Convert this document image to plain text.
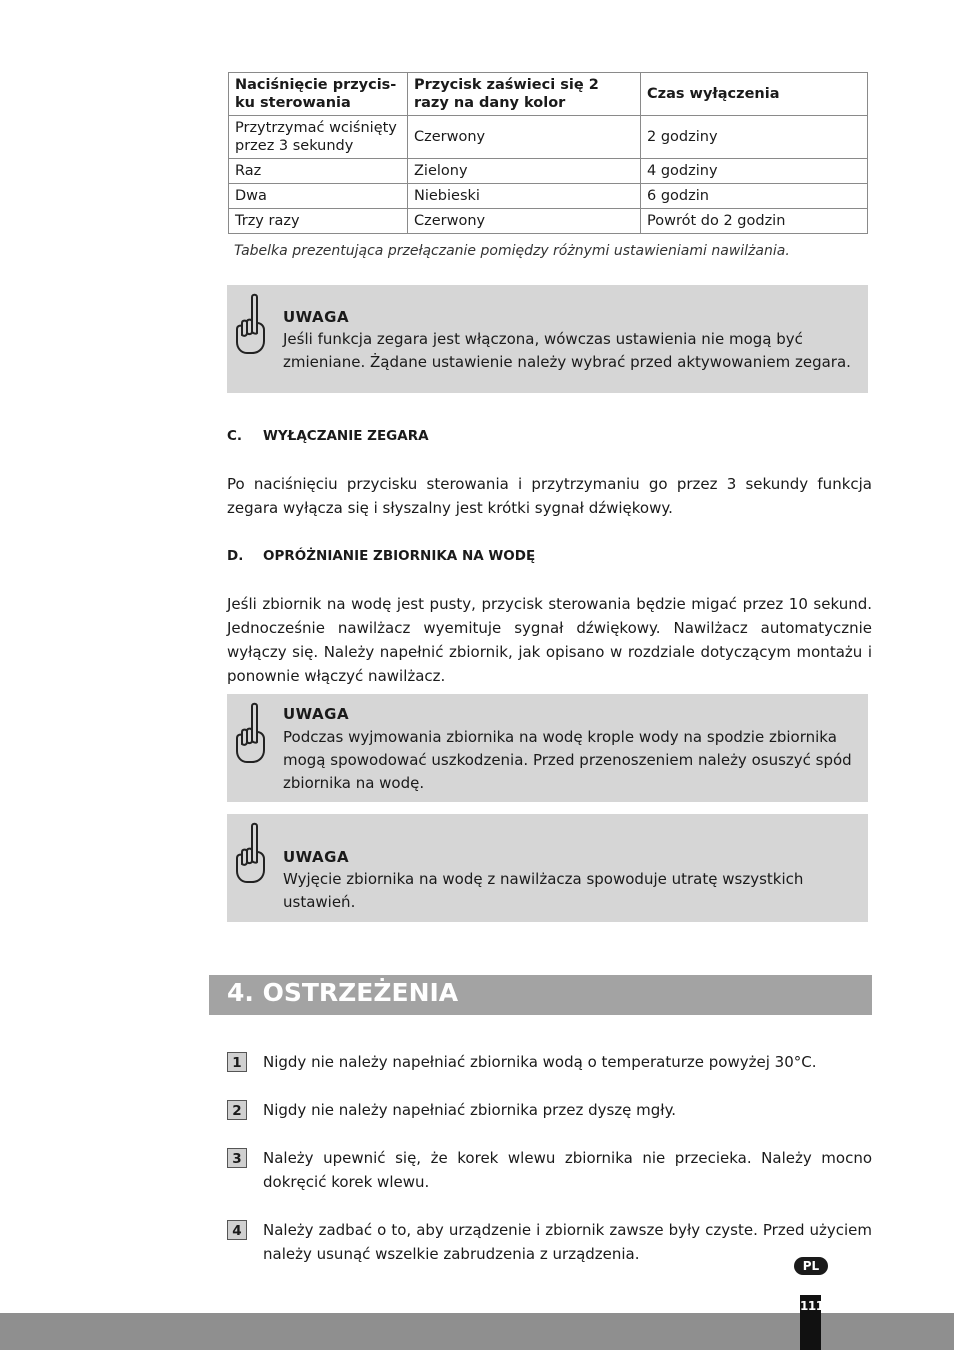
Naciśnięcie przycis-ku sterowania	Przycisk zaświeci się 2 razy na dany kolor	Czas wyłączenia
Przytrzymać wciśnięty przez 3 sekundy	Czerwony	2 godziny
Raz	Zielony	4 godziny
Dwa	Niebieski	6 godzin
Trzy razy	Czerwony	Powrót do 2 godzin
Tabelka prezentująca przełączanie pomiędzy różnymi ustawieniami nawilżania.
UWAGA
Jeśli funkcja zegara jest włączona, wówczas ustawienia nie mogą być zmieniane. Żądane ustawienie należy wybrać przed aktywowaniem zegara.
C. WYŁĄCZANIE ZEGARA
Po naciśnięciu przycisku sterowania i przytrzymaniu go przez 3 sekundy funkcja zegara wyłącza się i słyszalny jest krótki sygnał dźwiękowy.
D. OPRÓŻNIANIE ZBIORNIKA NA WODĘ
Jeśli zbiornik na wodę jest pusty, przycisk sterowania będzie migać przez 10 sekund. Jednocześnie nawilżacz wyemituje sygnał dźwiękowy. Nawilżacz automatycznie wyłączy się. Należy napełnić zbiornik, jak opisano w rozdziale dotyczącym montażu i ponownie włączyć nawilżacz.
UWAGA
Podczas wyjmowania zbiornika na wodę krople wody na spodzie zbiornika mogą spowodować uszkodzenia. Przed przenoszeniem należy osuszyć spód zbiornika na wodę.
UWAGA
Wyjęcie zbiornika na wodę z nawilżacza spowoduje utratę wszystkich ustawień.
4. OSTRZEŻENIA
1	Nigdy nie należy napełniać zbiornika wodą o temperaturze powyżej 30°C.
2	Nigdy nie należy napełniać zbiornika przez dyszę mgły.
3	Należy upewnić się, że korek wlewu zbiornika nie przecieka. Należy mocno dokręcić korek wlewu.
4	Należy zadbać o to, aby urządzenie i zbiornik zawsze były czyste. Przed użyciem należy usunąć wszelkie zabrudzenia z urządzenia.
PL
111
